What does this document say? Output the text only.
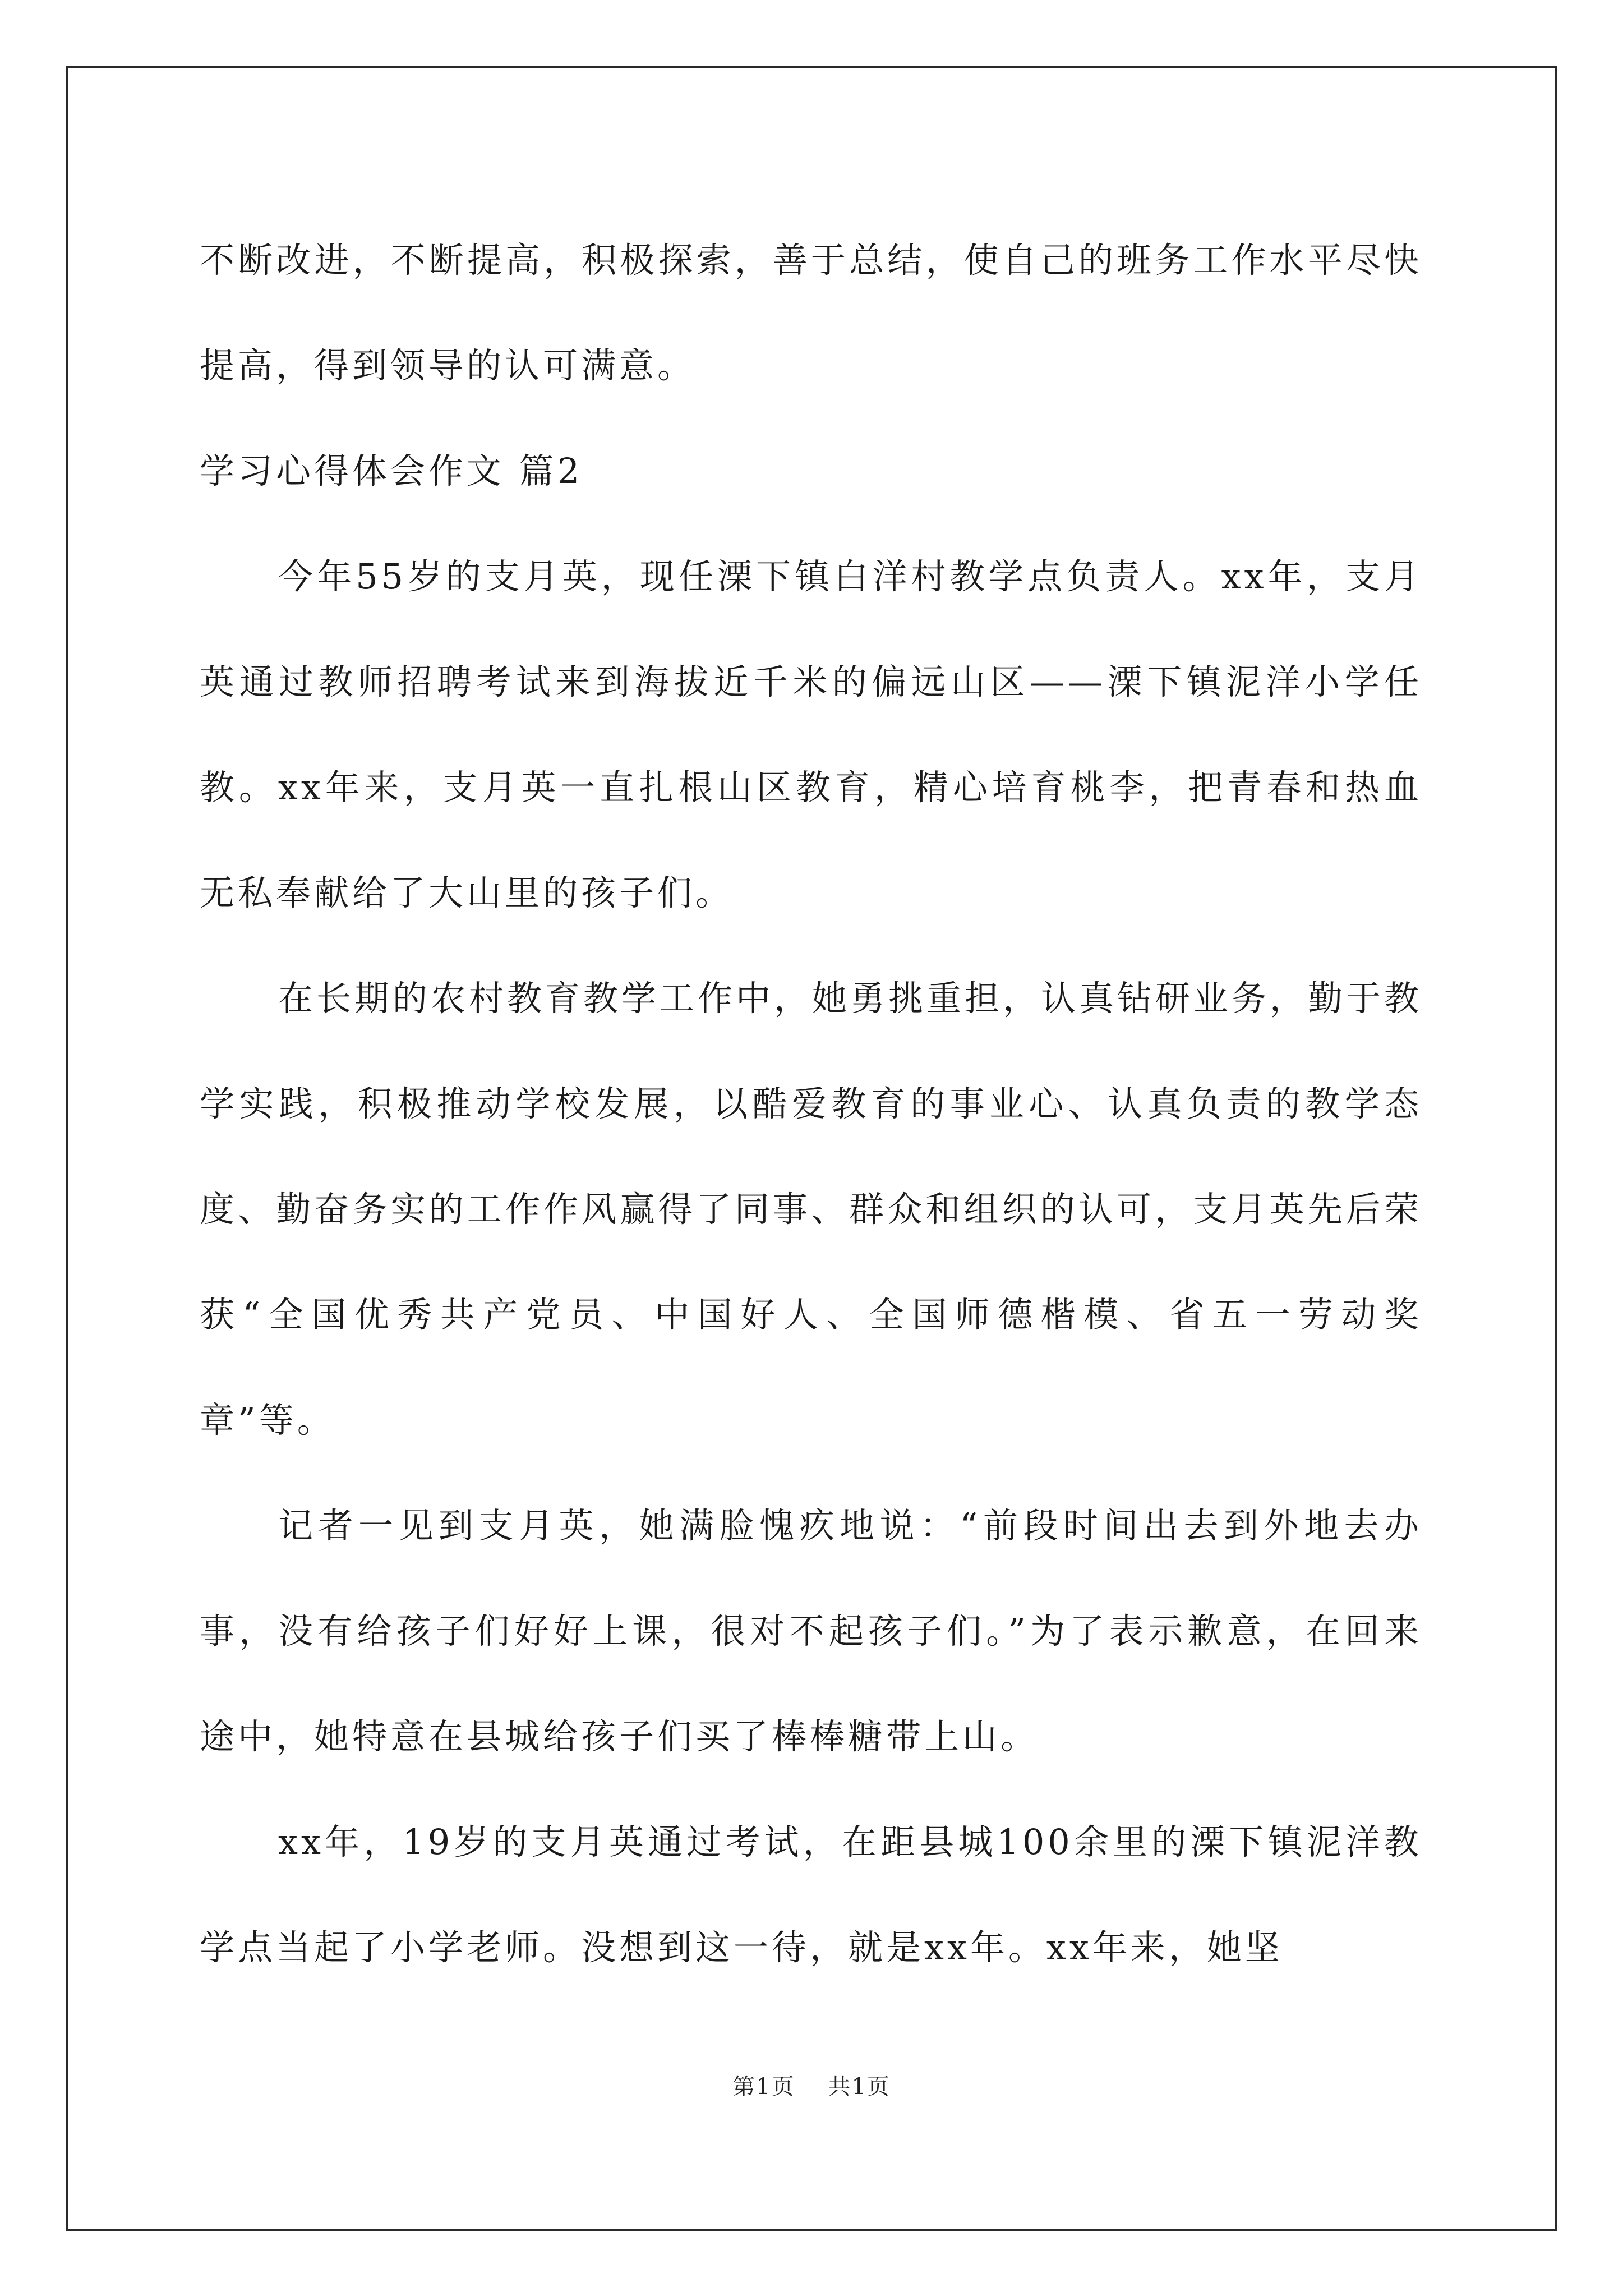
不断改进，不断提高，积极探索，善于总结，使自己的班务工作水平尽快提高，得到领导的认可满意。

学习心得体会作文 篇2

今年55岁的支月英，现任溧下镇白洋村教学点负责人。xx年，支月英通过教师招聘考试来到海拔近千米的偏远山区——溧下镇泥洋小学任教。xx年来，支月英一直扎根山区教育，精心培育桃李，把青春和热血无私奉献给了大山里的孩子们。

在长期的农村教育教学工作中，她勇挑重担，认真钻研业务，勤于教学实践，积极推动学校发展，以酷爱教育的事业心、认真负责的教学态度、勤奋务实的工作作风赢得了同事、群众和组织的认可，支月英先后荣获“全国优秀共产党员、中国好人、全国师德楷模、省五一劳动奖章”等。

记者一见到支月英，她满脸愧疚地说：“前段时间出去到外地去办事，没有给孩子们好好上课，很对不起孩子们。”为了表示歉意，在回来途中，她特意在县城给孩子们买了棒棒糖带上山。

xx年，19岁的支月英通过考试，在距县城100余里的溧下镇泥洋教学点当起了小学老师。没想到这一待，就是xx年。xx年来，她坚

第1页 共1页
